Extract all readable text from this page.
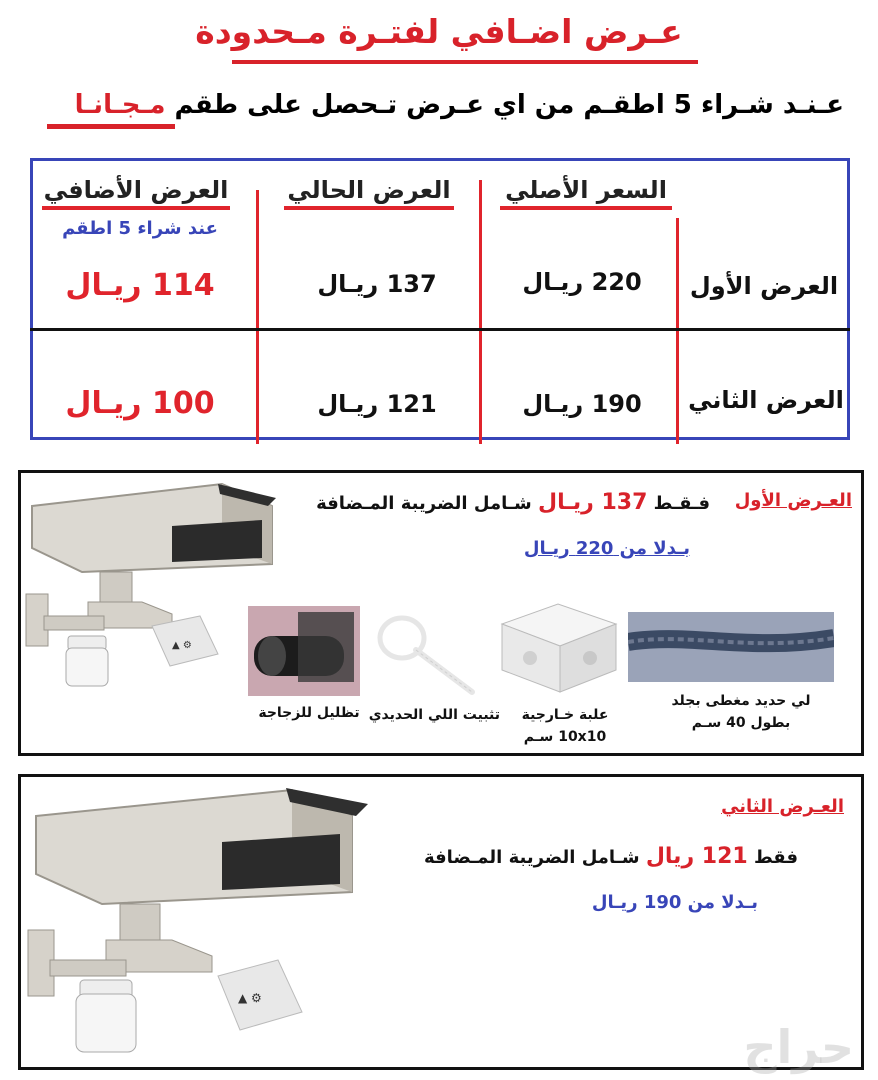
عـرض اضـافي لفتـرة مـحدودة
عـنـد شـراء 5 اطقـم من اي عـرض تـحصل على طقم مـجـانـا
السعر الأصلي
العرض الحالي
العرض الأضافي
عند شراء 5 اطقم
العرض الأول
220 ريـال
137 ريـال
114 ريـال
العرض الثاني
190 ريـال
121 ريـال
100 ريـال
▲ ⚙
العـرض الأول
فـقـط 137 ريـال شـامل الضريبة المـضافة
بـدلا من 220 ريـال
لي حديد مغطى بجلد
بطول 40 سـم
علبة خـارجية
10x10 سـم
تثبيت اللي الحديدي
تظليل للزجاجة
▲ ⚙
العـرض الثاني
فقط 121 ريال شـامل الضريبة المـضافة
بـدلا من 190 ريـال
حراج
